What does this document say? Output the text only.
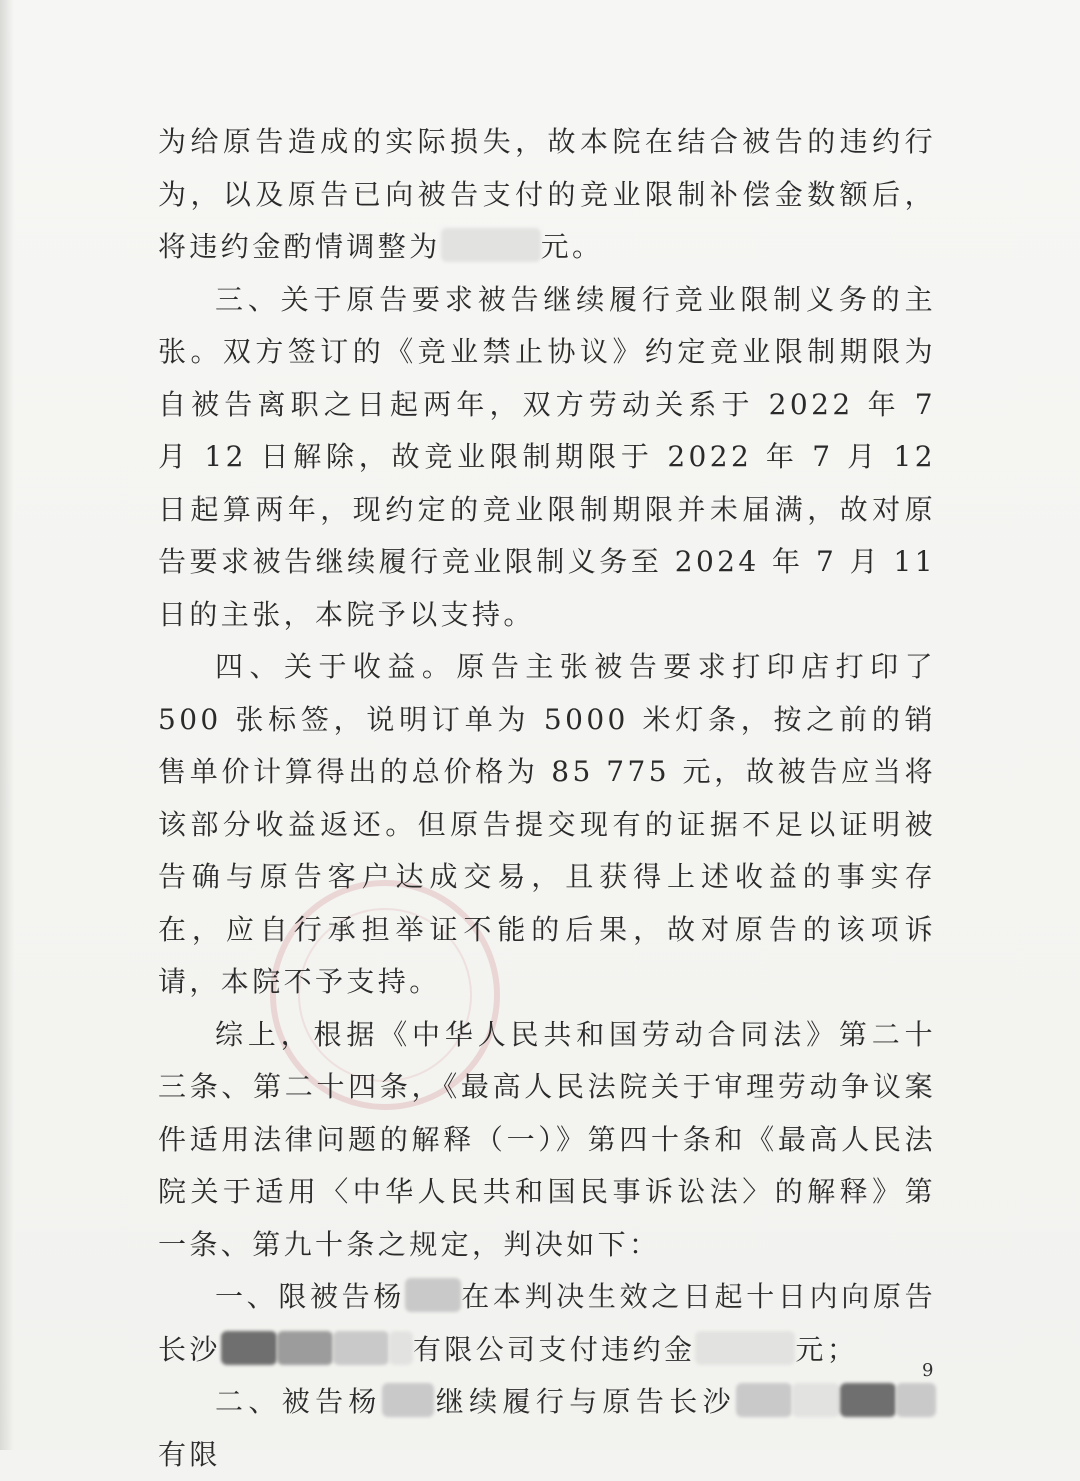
为给原告造成的实际损失，故本院在结合被告的违约行为，以及原告已向被告支付的竞业限制补偿金数额后，将违约金酌情调整为	元。

三、关于原告要求被告继续履行竞业限制义务的主张。双方签订的《竞业禁止协议》约定竞业限制期限为自被告离职之日起两年，双方劳动关系于 2022 年 7 月 12 日解除，故竞业限制期限于 2022 年 7 月 12 日起算两年，现约定的竞业限制期限并未届满，故对原告要求被告继续履行竞业限制义务至 2024 年 7 月 11 日的主张，本院予以支持。

四、关于收益。原告主张被告要求打印店打印了 500 张标签，说明订单为 5000 米灯条，按之前的销售单价计算得出的总价格为 85 775 元，故被告应当将该部分收益返还。但原告提交现有的证据不足以证明被告确与原告客户达成交易，且获得上述收益的事实存在，应自行承担举证不能的后果，故对原告的该项诉请，本院不予支持。

综上，根据《中华人民共和国劳动合同法》第二十三条、第二十四条，《最高人民法院关于审理劳动争议案件适用法律问题的解释（一）》第四十条和《最高人民法院关于适用〈中华人民共和国民事诉讼法〉的解释》第一条、第九十条之规定，判决如下：

一、限被告杨 在本判决生效之日起十日内向原告长沙	有限公司支付违约金	元；

二、被告杨 继续履行与原告长沙有限

9
